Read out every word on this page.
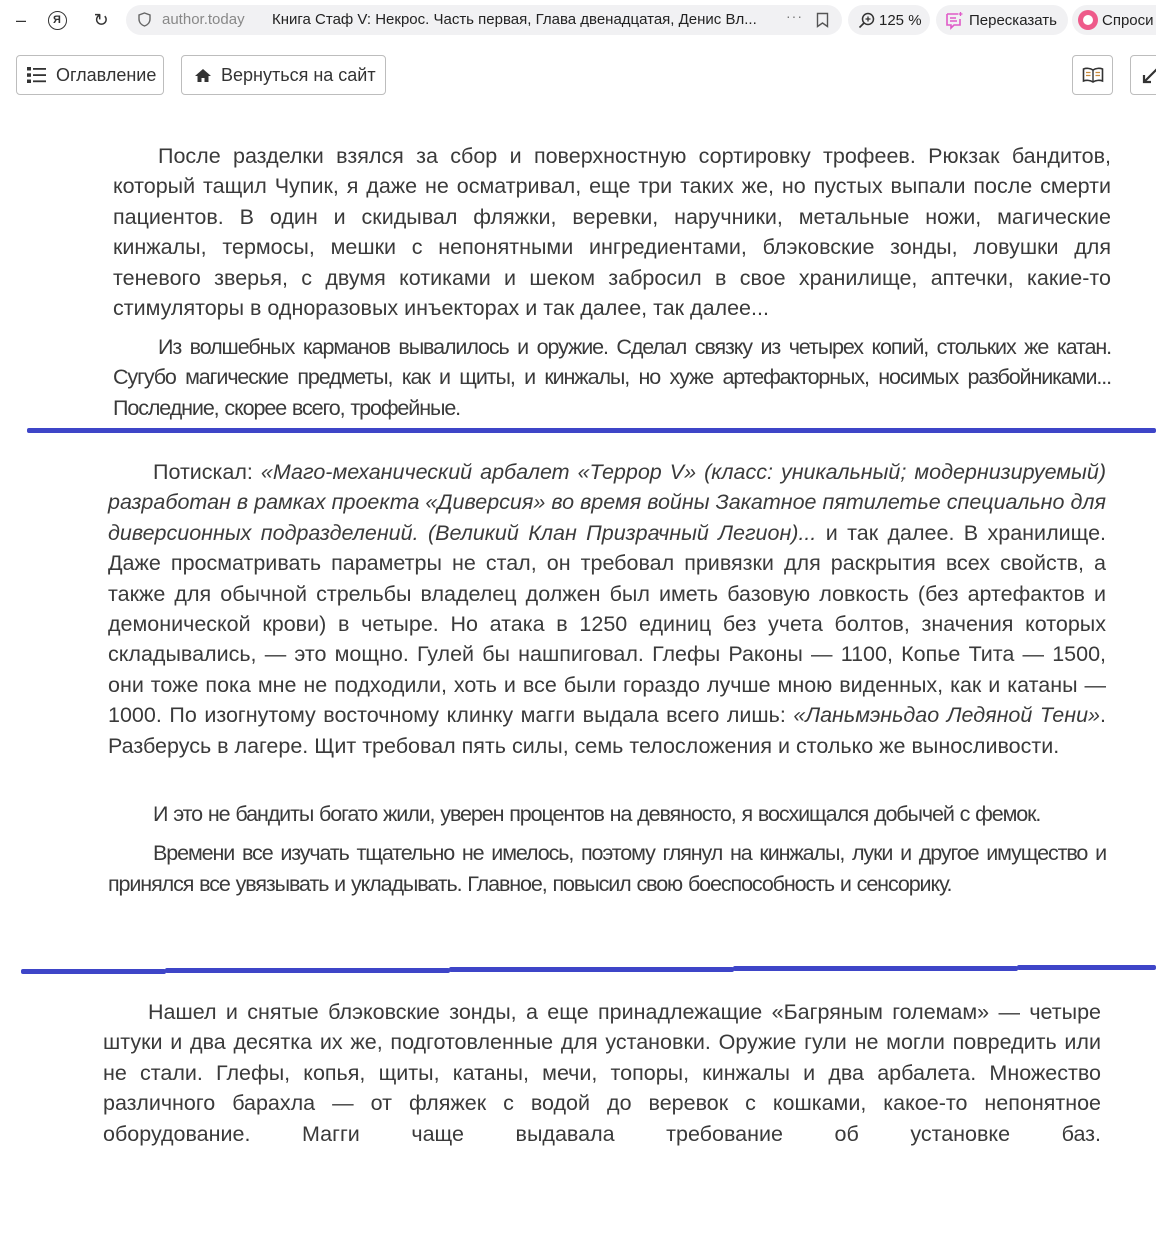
–	Я	↻	author.today Книга Стаф V: Некрос. Часть первая, Глава двенадцатая, Денис Вл... ···	125 %	Пересказать	Спроси
Оглавление	Вернуться на сайт

После разделки взялся за сбор и поверхностную сортировку трофеев. Рюкзак бандитов, который тащил Чупик, я даже не осматривал, еще три таких же, но пустых выпали после смерти пациентов. В один и скидывал фляжки, веревки, наручники, метальные ножи, магические кинжалы, термосы, мешки с непонятными ингредиентами, блэковские зонды, ловушки для теневого зверья, с двумя котиками и шеком забросил в свое хранилище, аптечки, какие-то стимуляторы в одноразовых инъекторах и так далее, так далее...

Из волшебных карманов вывалилось и оружие. Сделал связку из четырех копий, стольких же катан. Сугубо магические предметы, как и щиты, и кинжалы, но хуже артефакторных, носимых разбойниками... Последние, скорее всего, трофейные.

Потискал: «Маго-механический арбалет «Террор V» (класс: уникальный; модернизируемый) разработан в рамках проекта «Диверсия» во время войны Закатное пятилетье специально для диверсионных подразделений. (Великий Клан Призрачный Легион)... и так далее. В хранилище. Даже просматривать параметры не стал, он требовал привязки для раскрытия всех свойств, а также для обычной стрельбы владелец должен был иметь базовую ловкость (без артефактов и демонической крови) в четыре. Но атака в 1250 единиц без учета болтов, значения которых складывались, — это мощно. Гулей бы нашпиговал. Глефы Раконы — 1100, Копье Тита — 1500, они тоже пока мне не подходили, хоть и все были гораздо лучше мною виденных, как и катаны — 1000. По изогнутому восточному клинку магги выдала всего лишь: «Ланьмэньдао Ледяной Тени». Разберусь в лагере. Щит требовал пять силы, семь телосложения и столько же выносливости.

И это не бандиты богато жили, уверен процентов на девяносто, я восхищался добычей с фемок.

Времени все изучать тщательно не имелось, поэтому глянул на кинжалы, луки и другое имущество и принялся все увязывать и укладывать. Главное, повысил свою боеспособность и сенсорику.

Нашел и снятые блэковские зонды, а еще принадлежащие «Багряным големам» — четыре штуки и два десятка их же, подготовленные для установки. Оружие гули не могли повредить или не стали. Глефы, копья, щиты, катаны, мечи, топоры, кинжалы и два арбалета. Множество различного барахла — от фляжек с водой до веревок с кошками, какое-то непонятное оборудование. Магги чаще выдавала требование об установке баз.
